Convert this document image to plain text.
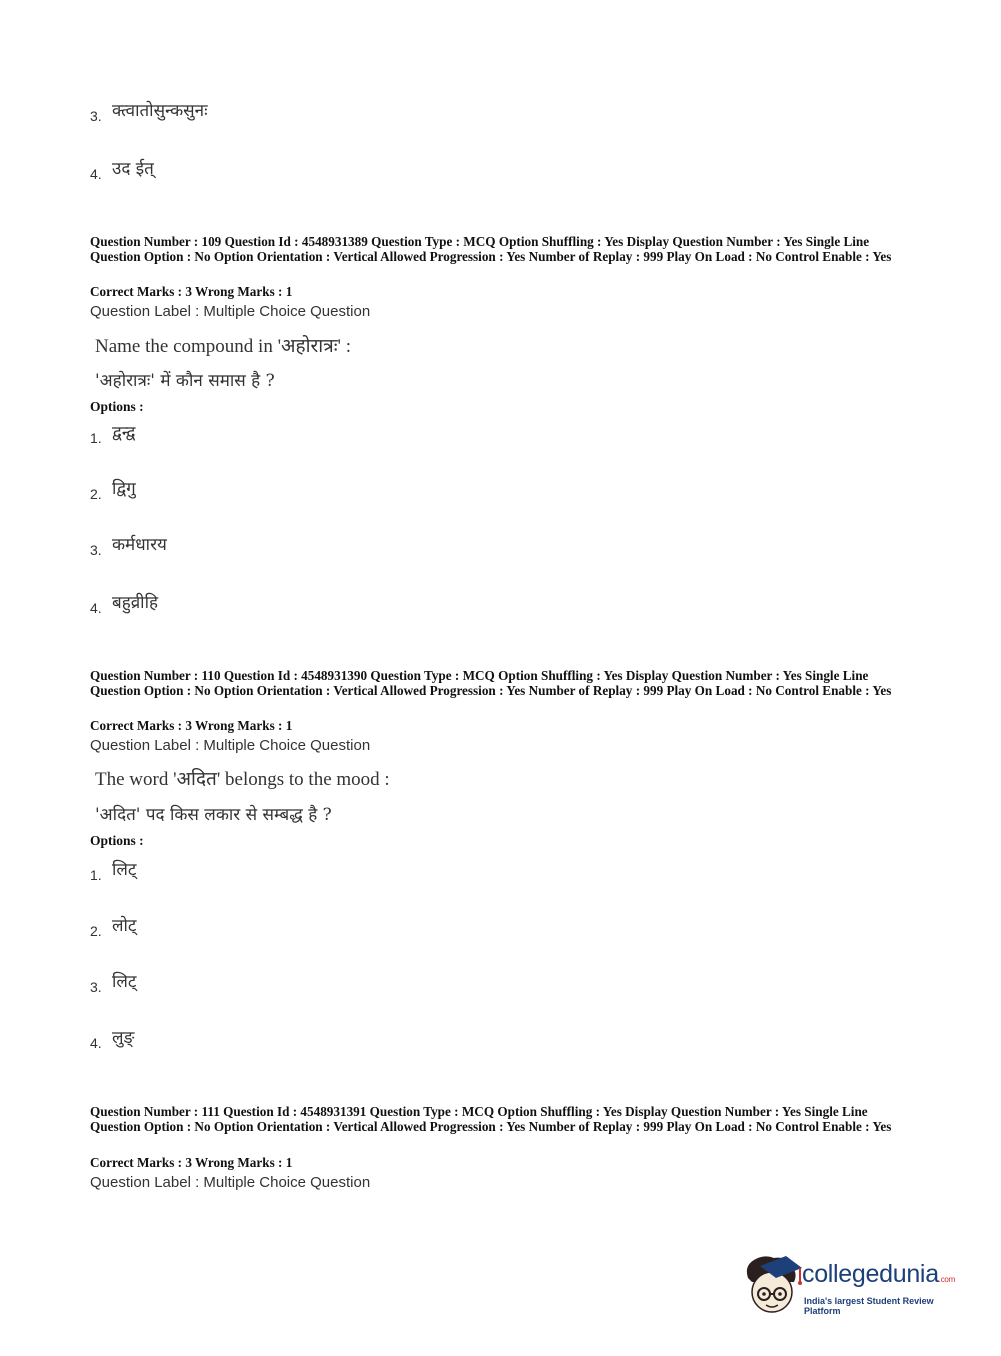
3. क्त्वातोसुन्कसुनः
4. उद ईत्
Question Number : 109 Question Id : 4548931389 Question Type : MCQ Option Shuffling : Yes Display Question Number : Yes Single Line Question Option : No Option Orientation : Vertical Allowed Progression : Yes Number of Replay : 999 Play On Load : No Control Enable : Yes
Correct Marks : 3 Wrong Marks : 1
Question Label : Multiple Choice Question
Name the compound in 'अहोरात्रः' :
'अहोरात्रः' में कौन समास है ?
Options :
1. द्वन्द्व
2. द्विगु
3. कर्मधारय
4. बहुव्रीहि
Question Number : 110 Question Id : 4548931390 Question Type : MCQ Option Shuffling : Yes Display Question Number : Yes Single Line Question Option : No Option Orientation : Vertical Allowed Progression : Yes Number of Replay : 999 Play On Load : No Control Enable : Yes
Correct Marks : 3 Wrong Marks : 1
Question Label : Multiple Choice Question
The word 'अदित' belongs to the mood :
'अदित' पद किस लकार से सम्बद्ध है ?
Options :
1. लिट्
2. लोट्
3. लिट्
4. लुङ्
Question Number : 111 Question Id : 4548931391 Question Type : MCQ Option Shuffling : Yes Display Question Number : Yes Single Line Question Option : No Option Orientation : Vertical Allowed Progression : Yes Number of Replay : 999 Play On Load : No Control Enable : Yes
Correct Marks : 3 Wrong Marks : 1
Question Label : Multiple Choice Question
collegedunia.com
India's largest Student Review Platform
